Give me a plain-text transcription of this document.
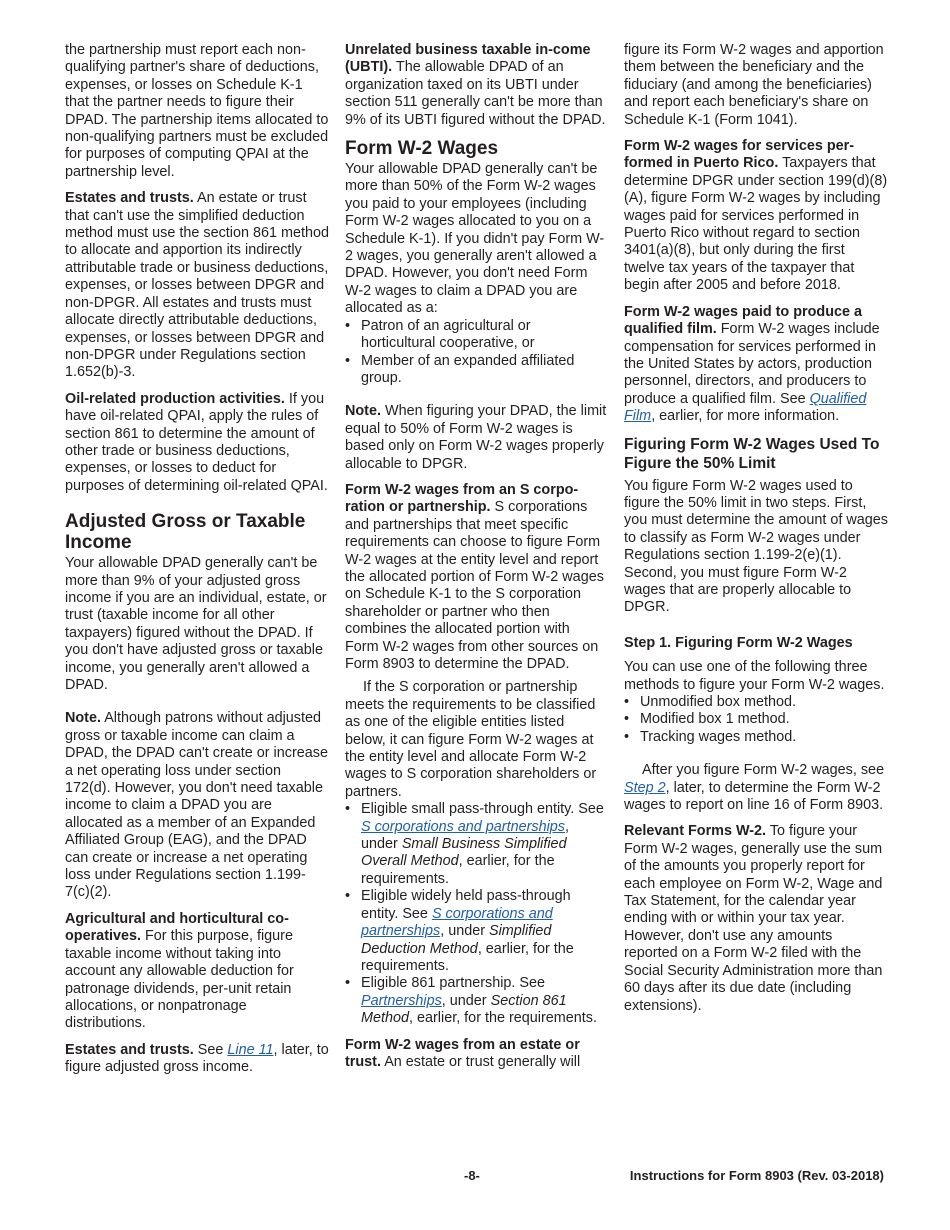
the partnership must report each non-qualifying partner's share of deductions, expenses, or losses on Schedule K-1 that the partner needs to figure their DPAD. The partnership items allocated to non-qualifying partners must be excluded for purposes of computing QPAI at the partnership level.

Estates and trusts. An estate or trust that can't use the simplified deduction method must use the section 861 method to allocate and apportion its indirectly attributable trade or business deductions, expenses, or losses between DPGR and non-DPGR. All estates and trusts must allocate directly attributable deductions, expenses, or losses between DPGR and non-DPGR under Regulations section 1.652(b)-3.

Oil-related production activities. If you have oil-related QPAI, apply the rules of section 861 to determine the amount of other trade or business deductions, expenses, or losses to deduct for purposes of determining oil-related QPAI.

Adjusted Gross or Taxable Income

Your allowable DPAD generally can't be more than 9% of your adjusted gross income if you are an individual, estate, or trust (taxable income for all other taxpayers) figured without the DPAD. If you don't have adjusted gross or taxable income, you generally aren't allowed a DPAD.

Note. Although patrons without adjusted gross or taxable income can claim a DPAD, the DPAD can't create or increase a net operating loss under section 172(d). However, you don't need taxable income to claim a DPAD you are allocated as a member of an Expanded Affiliated Group (EAG), and the DPAD can create or increase a net operating loss under Regulations section 1.199-7(c)(2).

Agricultural and horticultural co-operatives. For this purpose, figure taxable income without taking into account any allowable deduction for patronage dividends, per-unit retain allocations, or nonpatronage distributions.

Estates and trusts. See Line 11, later, to figure adjusted gross income.

Unrelated business taxable in-come (UBTI). The allowable DPAD of an organization taxed on its UBTI under section 511 generally can't be more than 9% of its UBTI figured without the DPAD.

Form W-2 Wages

Your allowable DPAD generally can't be more than 50% of the Form W-2 wages you paid to your employees (including Form W-2 wages allocated to you on a Schedule K-1). If you didn't pay Form W-2 wages, you generally aren't allowed a DPAD. However, you don't need Form W-2 wages to claim a DPAD you are allocated as a:

• Patron of an agricultural or horticultural cooperative, or
• Member of an expanded affiliated group.

Note. When figuring your DPAD, the limit equal to 50% of Form W-2 wages is based only on Form W-2 wages properly allocable to DPGR.

Form W-2 wages from an S corpo-ration or partnership. S corporations and partnerships that meet specific requirements can choose to figure Form W-2 wages at the entity level and report the allocated portion of Form W-2 wages on Schedule K-1 to the S corporation shareholder or partner who then combines the allocated portion with Form W-2 wages from other sources on Form 8903 to determine the DPAD.

If the S corporation or partnership meets the requirements to be classified as one of the eligible entities listed below, it can figure Form W-2 wages at the entity level and allocate Form W-2 wages to S corporation shareholders or partners.

• Eligible small pass-through entity. See S corporations and partnerships, under Small Business Simplified Overall Method, earlier, for the requirements.
• Eligible widely held pass-through entity. See S corporations and partnerships, under Simplified Deduction Method, earlier, for the requirements.
• Eligible 861 partnership. See Partnerships, under Section 861 Method, earlier, for the requirements.

Form W-2 wages from an estate or trust. An estate or trust generally will

figure its Form W-2 wages and apportion them between the beneficiary and the fiduciary (and among the beneficiaries) and report each beneficiary's share on Schedule K-1 (Form 1041).

Form W-2 wages for services per-formed in Puerto Rico. Taxpayers that determine DPGR under section 199(d)(8)(A), figure Form W-2 wages by including wages paid for services performed in Puerto Rico without regard to section 3401(a)(8), but only during the first twelve tax years of the taxpayer that begin after 2005 and before 2018.

Form W-2 wages paid to produce a qualified film. Form W-2 wages include compensation for services performed in the United States by actors, production personnel, directors, and producers to produce a qualified film. See Qualified Film, earlier, for more information.

Figuring Form W-2 Wages Used To Figure the 50% Limit

You figure Form W-2 wages used to figure the 50% limit in two steps. First, you must determine the amount of wages to classify as Form W-2 wages under Regulations section 1.199-2(e)(1). Second, you must figure Form W-2 wages that are properly allocable to DPGR.

Step 1. Figuring Form W-2 Wages

You can use one of the following three methods to figure your Form W-2 wages.

• Unmodified box method.
• Modified box 1 method.
• Tracking wages method.

After you figure Form W-2 wages, see Step 2, later, to determine the Form W-2 wages to report on line 16 of Form 8903.

Relevant Forms W-2. To figure your Form W-2 wages, generally use the sum of the amounts you properly report for each employee on Form W-2, Wage and Tax Statement, for the calendar year ending with or within your tax year. However, don't use any amounts reported on a Form W-2 filed with the Social Security Administration more than 60 days after its due date (including extensions).

-8-	Instructions for Form 8903 (Rev. 03-2018)
